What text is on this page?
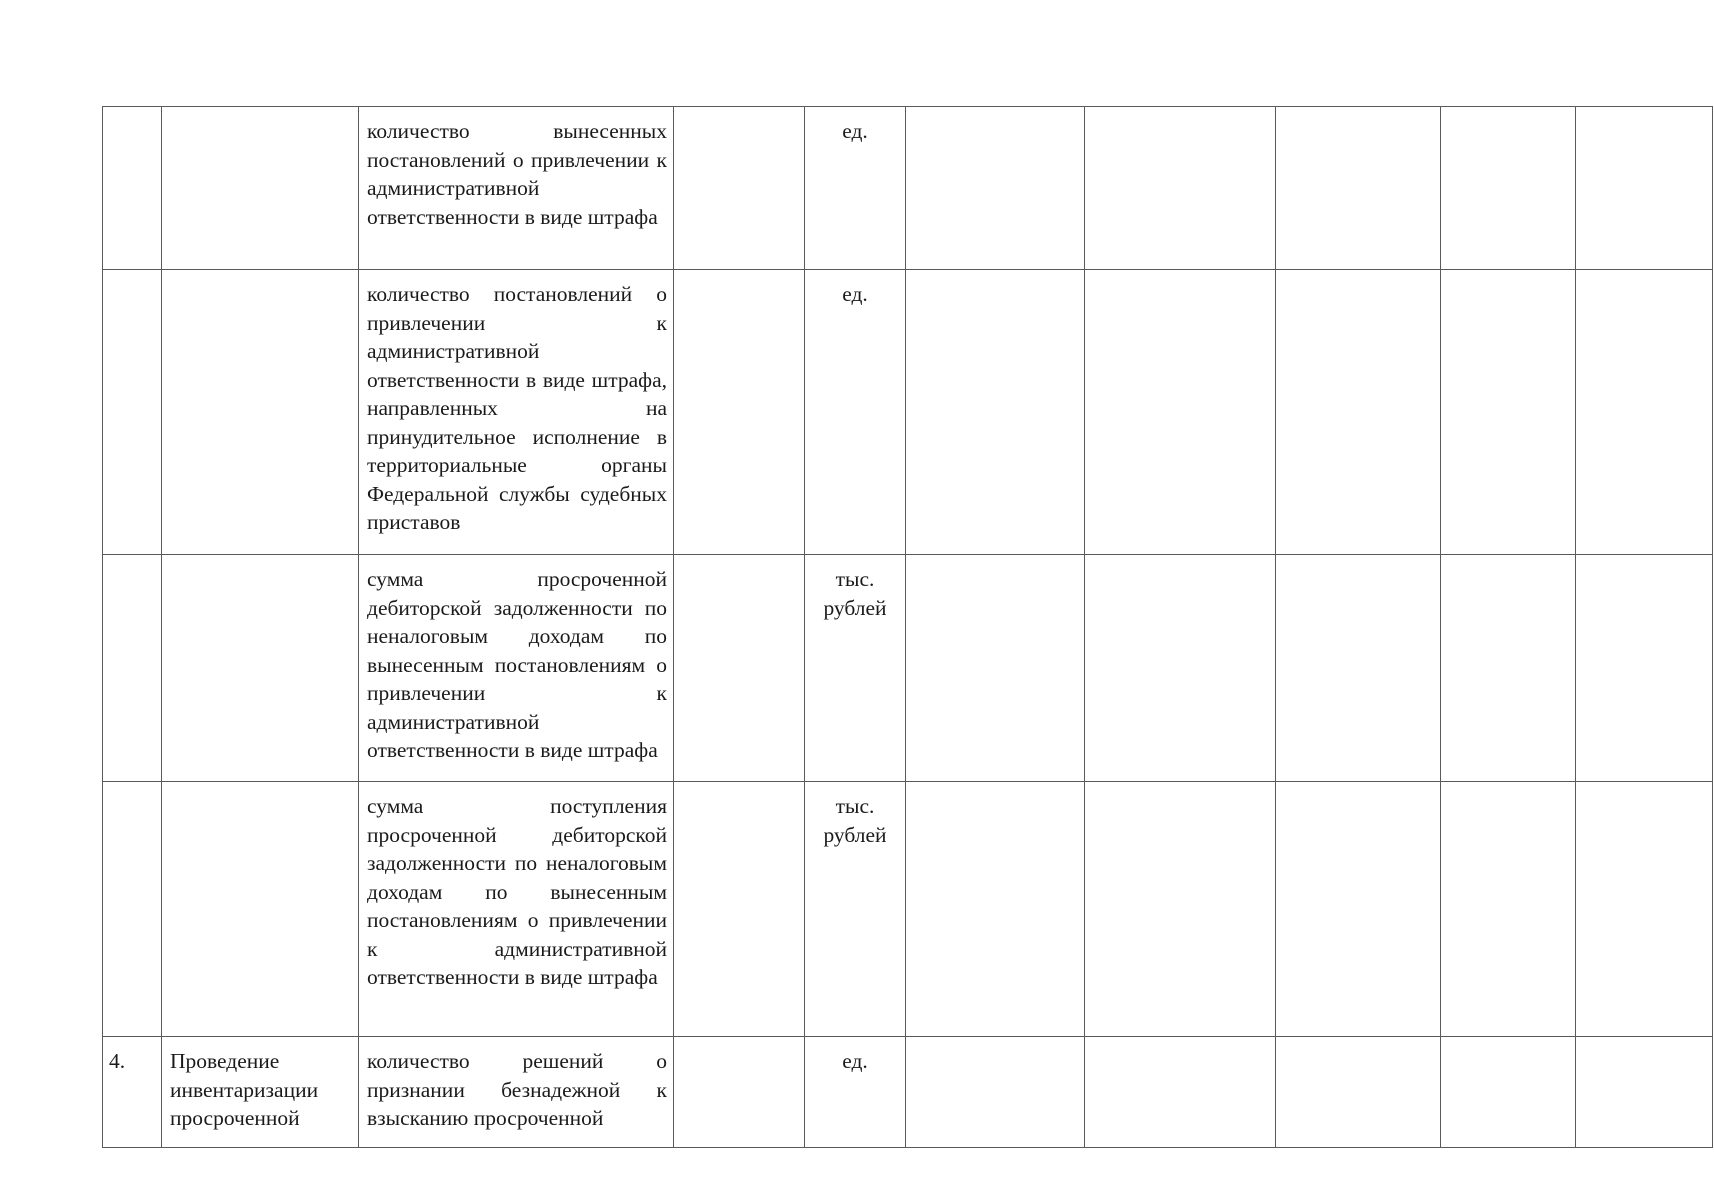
		количество вынесенных постановлений о привлечении к административной ответственности в виде штрафа		ед.					

		количество постановлений о привлечении к административной ответственности в виде штрафа, направленных на принудительное исполнение в территориальные органы Федеральной службы судебных приставов		ед.					

		сумма просроченной дебиторской задолженности по неналоговым доходам по вынесенным постановлениям о привлечении к административной ответственности в виде штрафа		тыс.
рублей					

		сумма поступления просроченной дебиторской задолженности по неналоговым доходам по вынесенным постановлениям о привлечении к административной ответственности в виде штрафа		тыс.
рублей					

4.	Проведение инвентаризации просроченной	количество решений о признании безнадежной к взысканию просроченной		ед.					
